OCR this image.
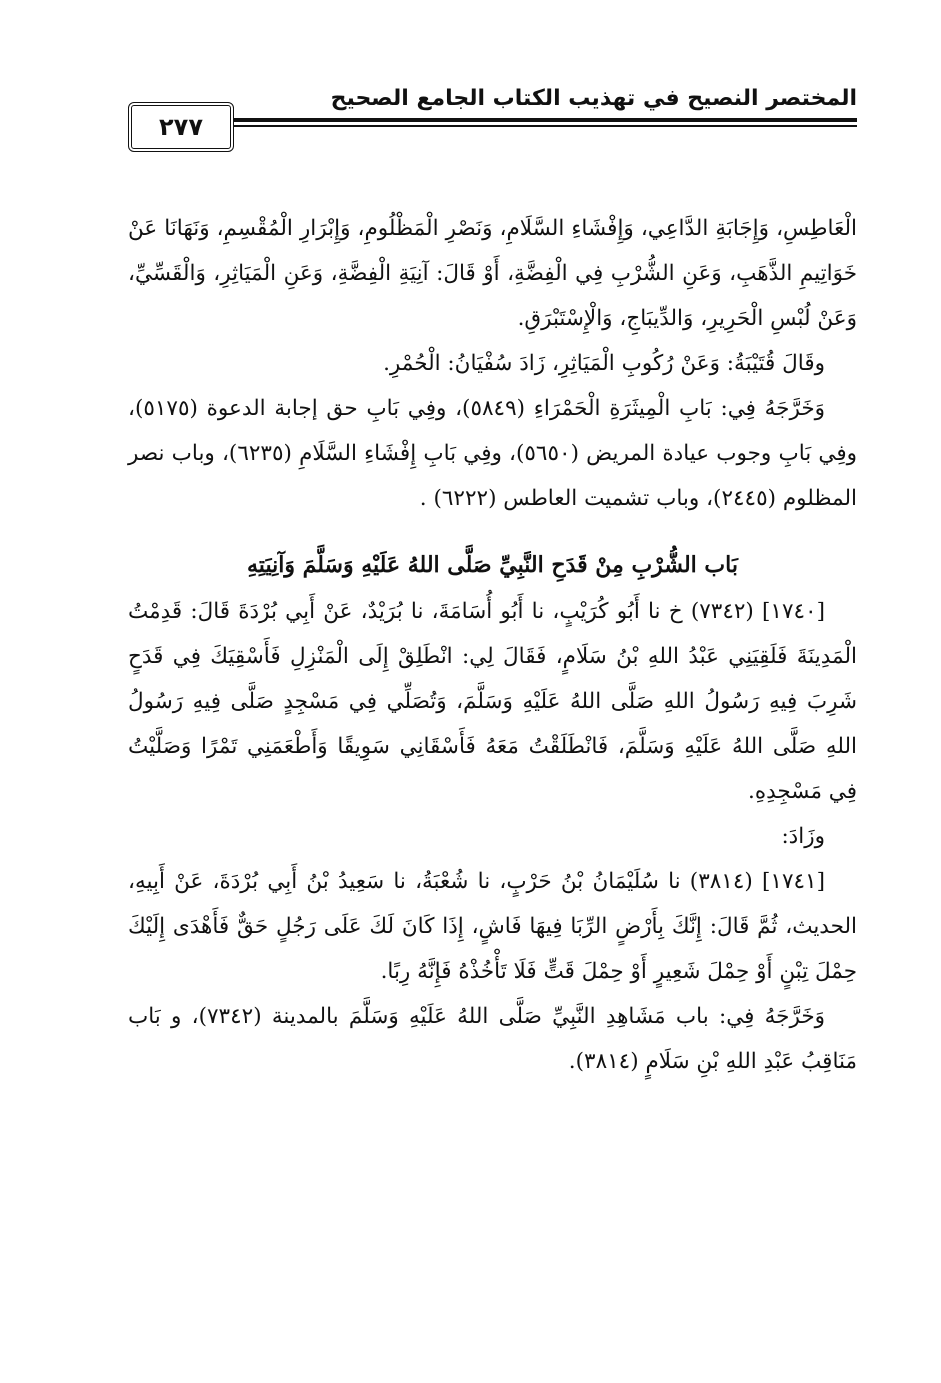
المختصر النصيح في تهذيب الكتاب الجامع الصحيح
٢٧٧

الْعَاطِسِ، وَإِجَابَةِ الدَّاعِي، وَإِفْشَاءِ السَّلَامِ، وَنَصْرِ الْمَظْلُومِ، وَإِبْرَارِ الْمُقْسِمِ، وَنَهَانَا عَنْ خَوَاتِيمِ الذَّهَبِ، وَعَنِ الشُّرْبِ فِي الْفِضَّةِ، أَوْ قَالَ: آنِيَةِ الْفِضَّةِ، وَعَنِ الْمَيَاثِرِ، وَالْقَسِّيِّ، وَعَنْ لُبْسِ الْحَرِيرِ، وَالدِّيبَاجِ، وَالْإِسْتَبْرَقِ.

وقَالَ قُتَيْبَةُ: وَعَنْ رُكُوبِ الْمَيَاثِرِ، زَادَ سُفْيَانُ: الْحُمْرِ.

وَخَرَّجَهُ فِي: بَابِ الْمِيثَرَةِ الْحَمْرَاءِ (٥٨٤٩)، وفِي بَابِ حق إجابة الدعوة (٥١٧٥)، وفِي بَابِ وجوب عيادة المريض (٥٦٥٠)، وفِي بَابِ إِفْشَاءِ السَّلَامِ (٦٢٣٥)، وباب نصر المظلوم (٢٤٤٥)، وباب تشميت العاطس (٦٢٢٢) .

بَاب الشُّرْبِ مِنْ قَدَحِ النَّبِيِّ صَلَّى اللهُ عَلَيْهِ وَسَلَّمَ وَآنِيَتِهِ

[١٧٤٠] (٧٣٤٢) خ نا أَبُو كُرَيْبٍ، نا أَبُو أُسَامَةَ، نا بُرَيْدٌ، عَنْ أَبِي بُرْدَةَ قَالَ: قَدِمْتُ الْمَدِينَةَ فَلَقِيَنِي عَبْدُ اللهِ بْنُ سَلَامٍ، فَقَالَ لِي: انْطَلِقْ إِلَى الْمَنْزِلِ فَأَسْقِيَكَ فِي قَدَحٍ شَرِبَ فِيهِ رَسُولُ اللهِ صَلَّى اللهُ عَلَيْهِ وَسَلَّمَ، وَتُصَلِّي فِي مَسْجِدٍ صَلَّى فِيهِ رَسُولُ اللهِ صَلَّى اللهُ عَلَيْهِ وَسَلَّمَ، فَانْطَلَقْتُ مَعَهُ فَأَسْقَانِي سَوِيقًا وَأَطْعَمَنِي تَمْرًا وَصَلَّيْتُ فِي مَسْجِدِهِ.

وزَادَ:

[١٧٤١] (٣٨١٤) نا سُلَيْمَانُ بْنُ حَرْبٍ، نا شُعْبَةُ، نا سَعِيدُ بْنُ أَبِي بُرْدَةَ، عَنْ أَبِيهِ، الحديث، ثُمَّ قَالَ: إِنَّكَ بِأَرْضٍ الرِّبَا فِيهَا فَاشٍ، إِذَا كَانَ لَكَ عَلَى رَجُلٍ حَقٌّ فَأَهْدَى إِلَيْكَ حِمْلَ تِبْنٍ أَوْ حِمْلَ شَعِيرٍ أَوْ حِمْلَ قَتٍّ فَلَا تَأْخُذْهُ فَإِنَّهُ رِبًا.

وَخَرَّجَهُ فِي: باب مَشَاهِدِ النَّبِيِّ صَلَّى اللهُ عَلَيْهِ وَسَلَّمَ بالمدينة (٧٣٤٢)، و بَاب مَنَاقِبُ عَبْدِ اللهِ بْنِ سَلَامٍ (٣٨١٤).
